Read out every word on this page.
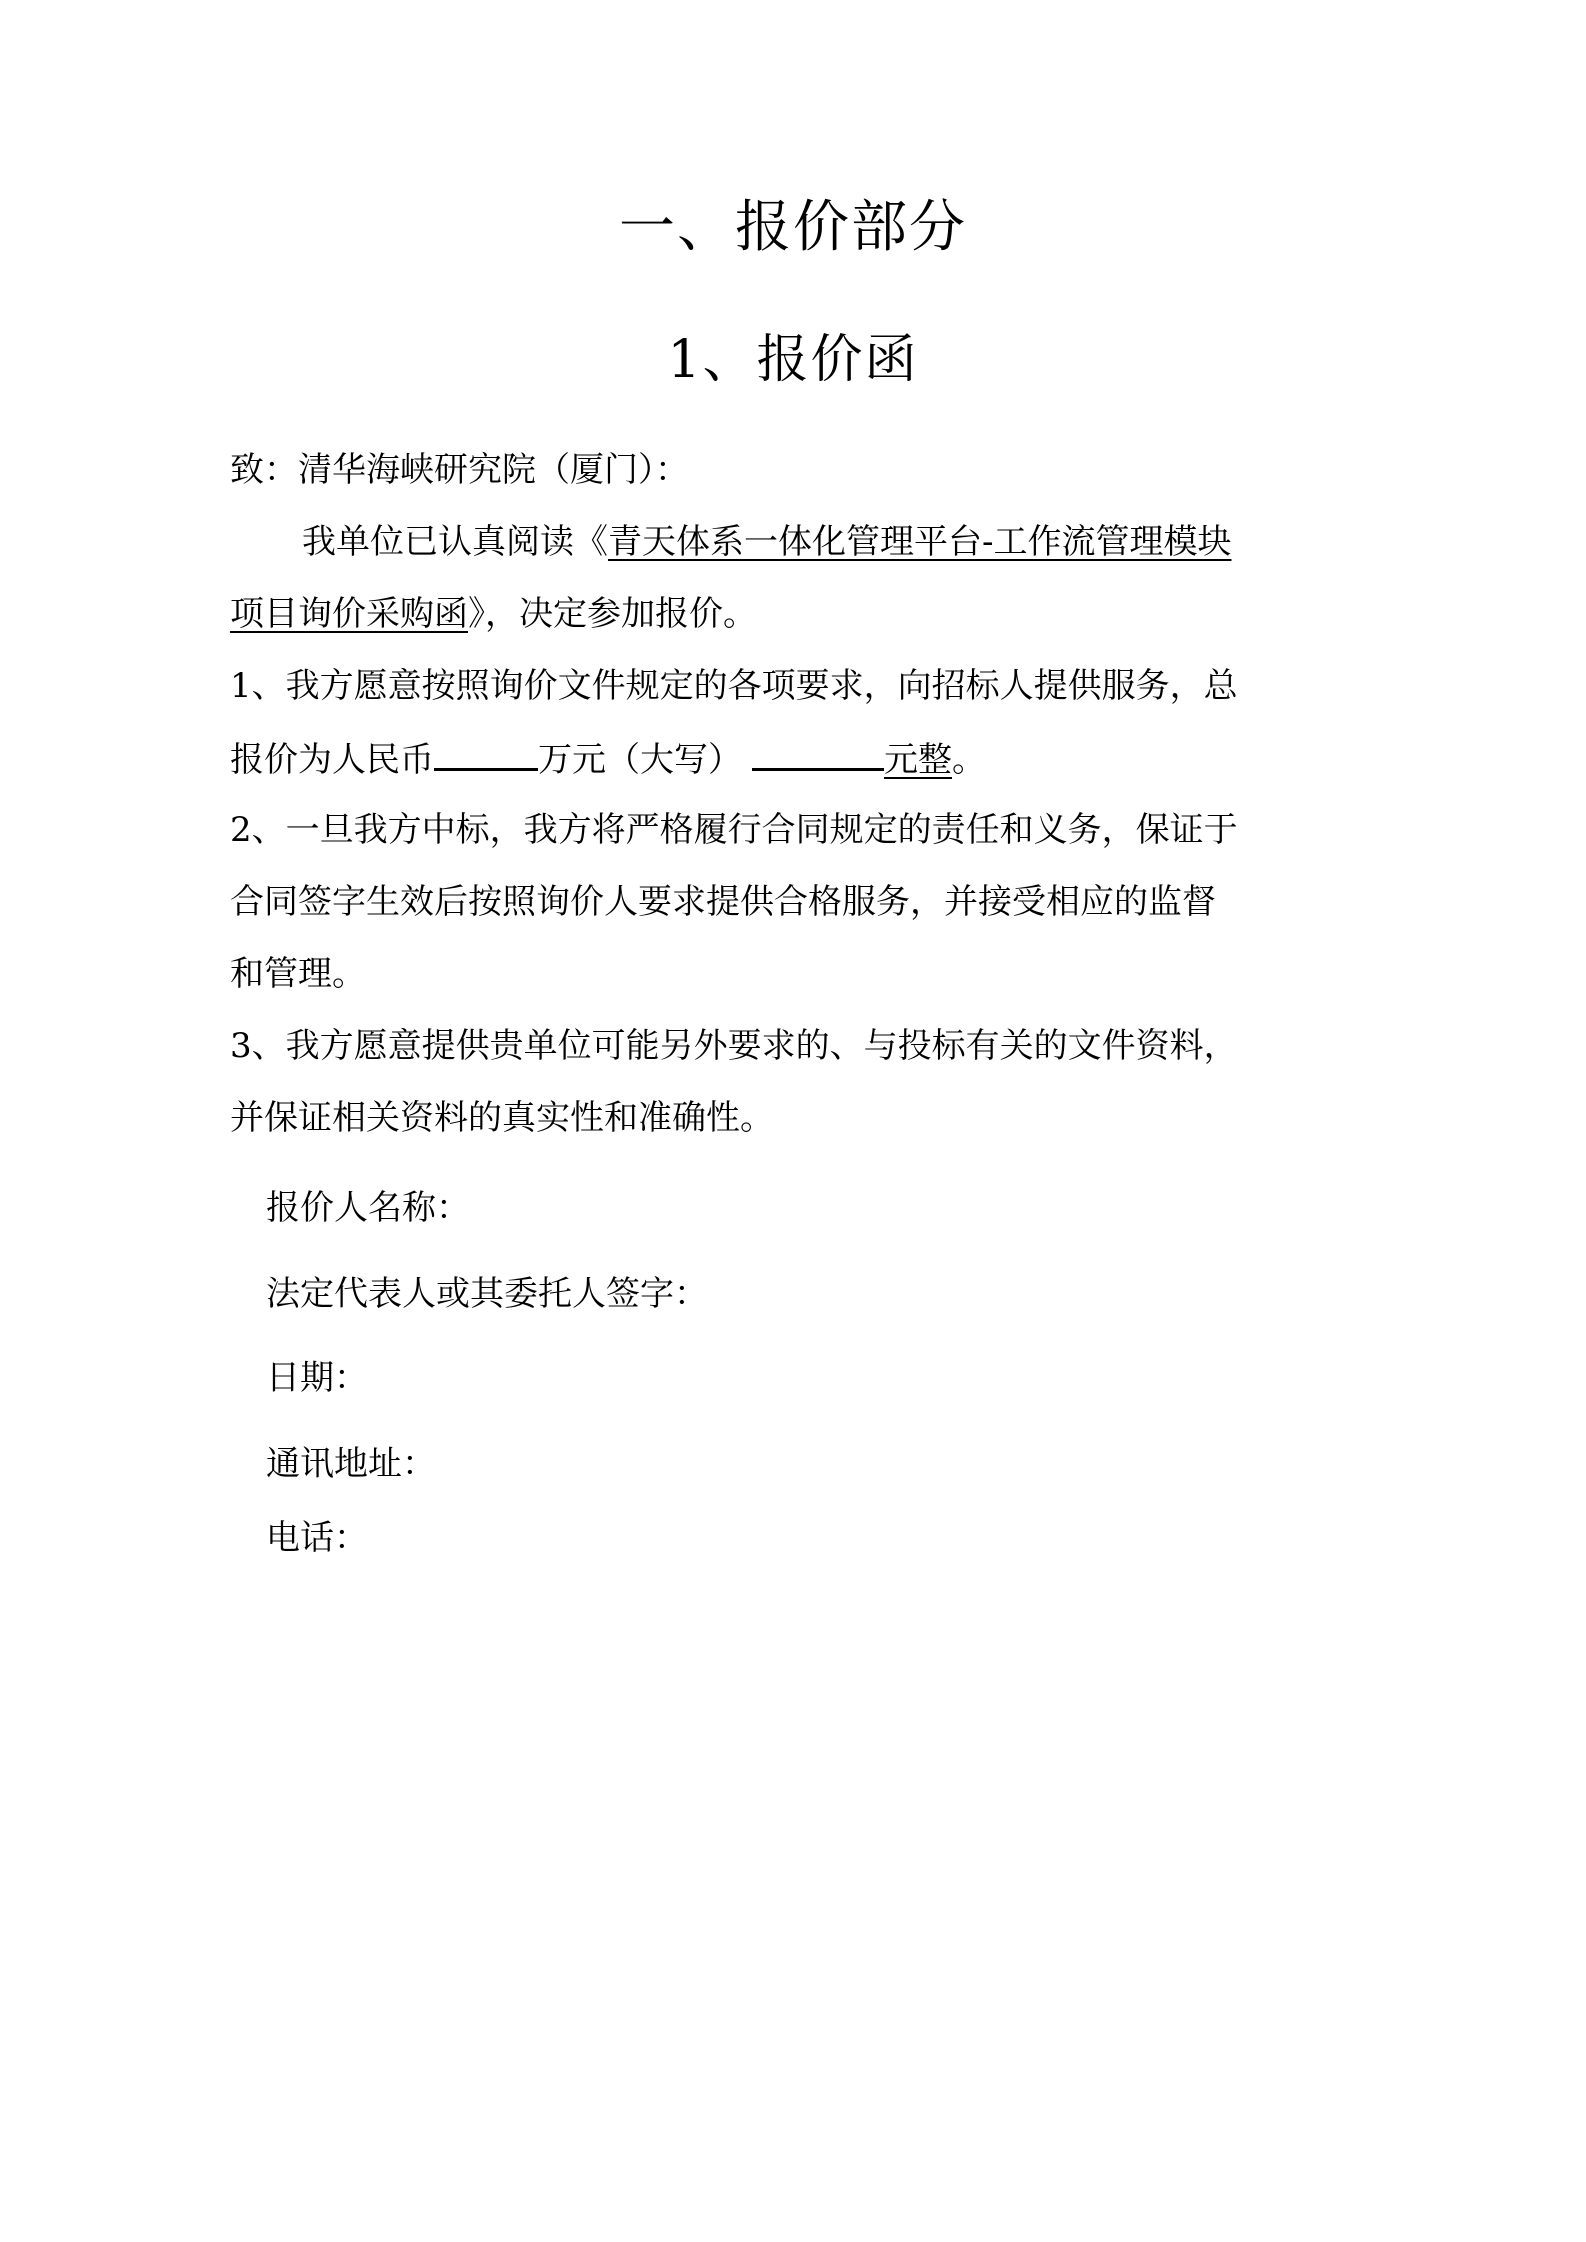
一、报价部分
1、报价函
致：清华海峡研究院（厦门）：
我单位已认真阅读《青天体系一体化管理平台-工作流管理模块
项目询价采购函》，决定参加报价。
1、我方愿意按照询价文件规定的各项要求，向招标人提供服务，总
报价为人民币	万元（大写）	元整。
2、一旦我方中标，我方将严格履行合同规定的责任和义务，保证于
合同签字生效后按照询价人要求提供合格服务，并接受相应的监督
和管理。
3、我方愿意提供贵单位可能另外要求的、与投标有关的文件资料，
并保证相关资料的真实性和准确性。
报价人名称：
法定代表人或其委托人签字：
日期：
通讯地址：
电话：
